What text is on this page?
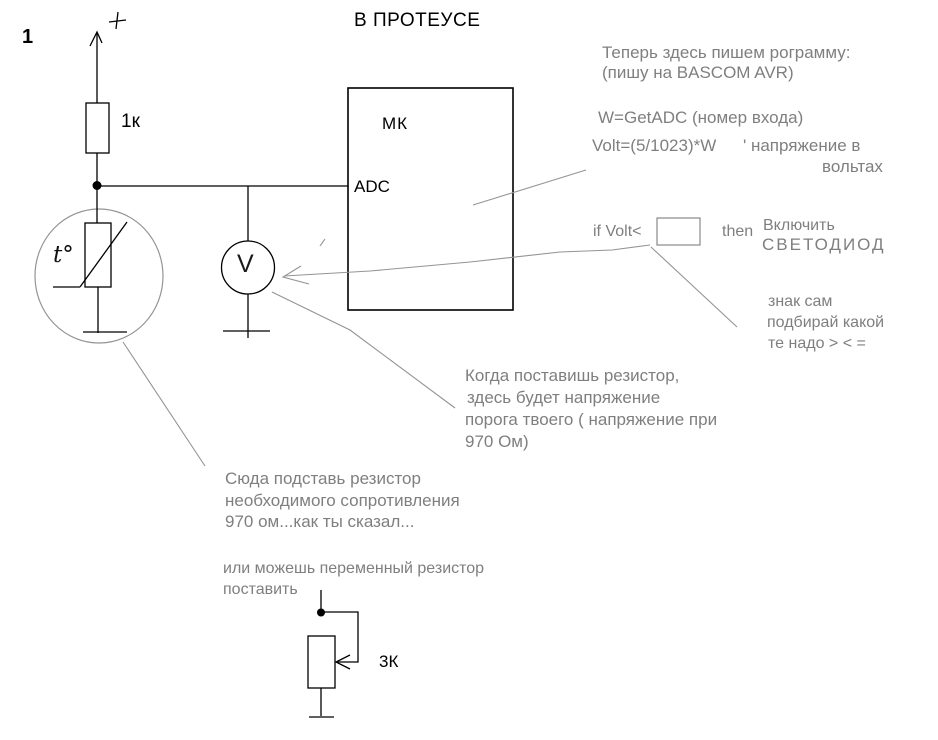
1
В ПРОТЕУСЕ
1к	МК
ADC
V
t°
3К
Теперь здесь пишем рограмму:
(пишу на BASCOM AVR)
W=GetADC (номер входа)
Volt=(5/1023)*W ' напряжение в
вольтах
if Volt<	then Включить
СВЕТОДИОД
знак сам
подбирай какой
те надо > < =
Когда поставишь резистор,
здесь будет напряжение
порога твоего ( напряжение при
970 Ом)
Сюда подставь резистор
необходимого сопротивления
970 ом...как ты сказал...
или можешь переменный резистор
поставить
